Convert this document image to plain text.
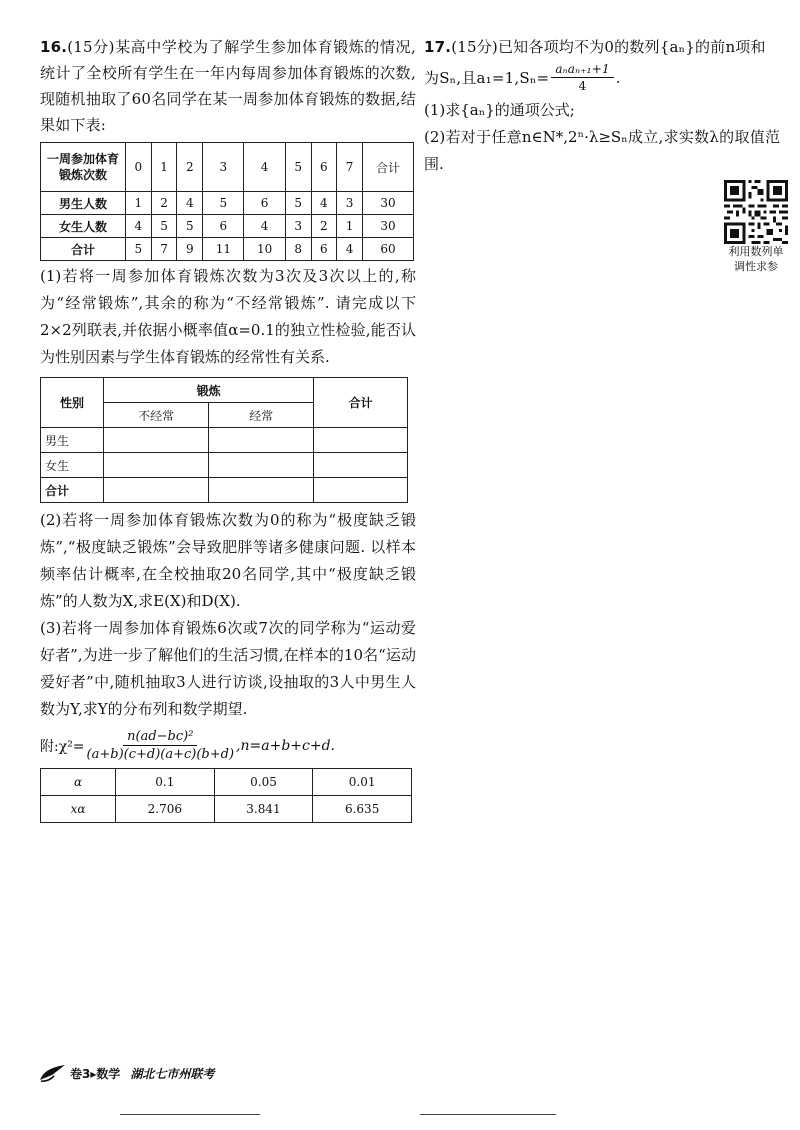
16.(15分)某高中学校为了解学生参加体育锻炼的情况,统计了全校所有学生在一年内每周参加体育锻炼的次数,现随机抽取了60名同学在某一周参加体育锻炼的数据,结果如下表:

一周参加体育锻炼次数	0	1	2	3	4	5	6	7	合计
男生人数	1	2	4	5	6	5	4	3	30
女生人数	4	5	5	6	4	3	2	1	30
合计	5	7	9	11	10	8	6	4	60

(1)若将一周参加体育锻炼次数为3次及3次以上的,称为“经常锻炼”,其余的称为“不经常锻炼”. 请完成以下2×2列联表,并依据小概率值α=0.1的独立性检验,能否认为性别因素与学生体育锻炼的经常性有关系.

性别	锻炼		合计
	不经常	经常	
男生			
女生			
合计			

(2)若将一周参加体育锻炼次数为0的称为“极度缺乏锻炼”,“极度缺乏锻炼”会导致肥胖等诸多健康问题. 以样本频率估计概率,在全校抽取20名同学,其中“极度缺乏锻炼”的人数为X,求E(X)和D(X).

(3)若将一周参加体育锻炼6次或7次的同学称为“运动爱好者”,为进一步了解他们的生活习惯,在样本的10名“运动爱好者”中,随机抽取3人进行访谈,设抽取的3人中男生人数为Y,求Y的分布列和数学期望.

附:χ²= $\frac{\text{n(ad−bc)²}}{(a+b)(c+d)(a+c)(b+d)} ,n=a+b+c+d$.
α	0.1	0.05	0.01
xα	2.706	3.841	6.635

17.(15分)已知各项均不为0的数列{aₙ}的前n项和

为Sₙ,且$a_1=1,S_n= \frac{\text{aₙaₙ₊₁+1}}{4}$ .

(1)求{aₙ}的通项公式;

(2)若对于任意n∈N*,2ⁿ·λ≥Sₙ成立,求实数λ的取值范围.

利用数列单
调性求参
卷3▸数学 湖北七市州联考
